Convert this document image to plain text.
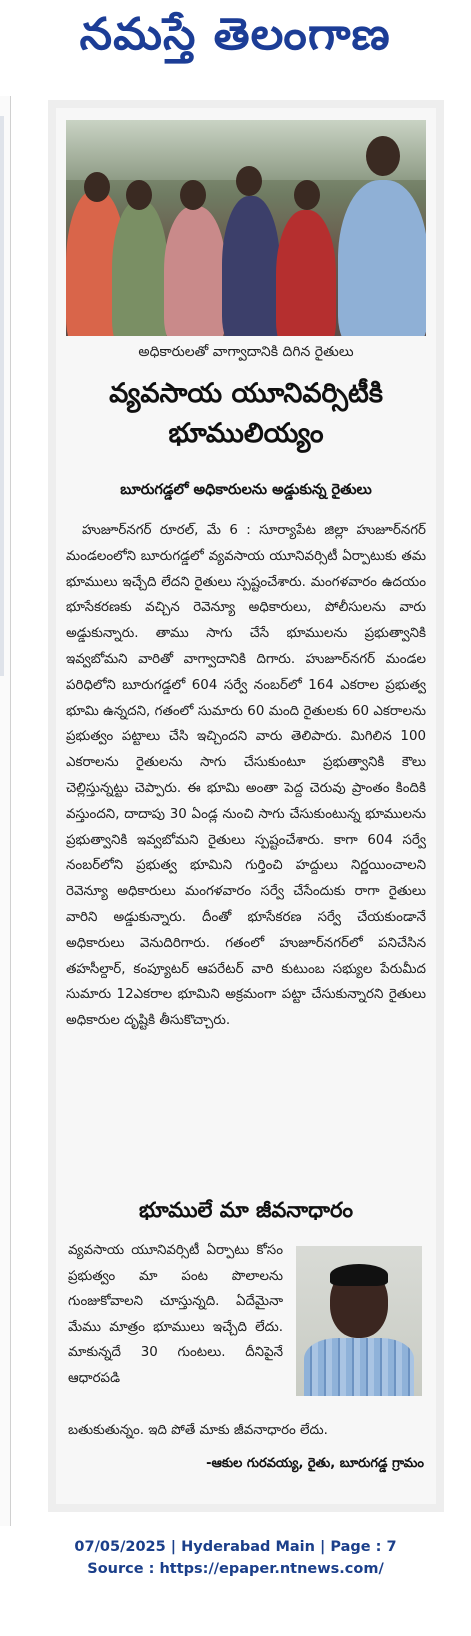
నమస్తే తెలంగాణ
అధికారులతో వాగ్వాదానికి దిగిన రైతులు
వ్యవసాయ యూనివర్సిటీకి
భూములియ్యం
బూరుగడ్డలో అధికారులను అడ్డుకున్న రైతులు

హుజూర్‌నగర్ రూరల్, మే 6 : సూర్యాపేట జిల్లా హుజూర్‌నగర్ మండలంలోని బూరుగడ్డలో వ్యవసాయ యూనివర్సిటీ ఏర్పాటుకు తమ భూములు ఇచ్చేది లేదని రైతులు స్పష్టంచేశారు. మంగళవారం ఉదయం భూసేకరణకు వచ్చిన రెవెన్యూ అధికారులు, పోలీసులను వారు అడ్డుకున్నారు. తాము సాగు చేసే భూములను ప్రభుత్వానికి ఇవ్వబోమని వారితో వాగ్వాదానికి దిగారు. హుజూర్‌నగర్ మండల పరిధిలోని బూరుగడ్డలో 604 సర్వే నంబర్‌లో 164 ఎకరాల ప్రభుత్వ భూమి ఉన్నదని, గతంలో సుమారు 60 మంది రైతులకు 60 ఎకరాలను ప్రభుత్వం పట్టాలు చేసి ఇచ్చిందని వారు తెలిపారు. మిగిలిన 100 ఎకరాలను రైతులను సాగు చేసుకుంటూ ప్రభుత్వానికి కౌలు చెల్లిస్తున్నట్టు చెప్పారు. ఈ భూమి అంతా పెద్ద చెరువు ప్రాంతం కిందికి వస్తుందని, దాదాపు 30 ఏండ్ల నుంచి సాగు చేసుకుంటున్న భూములను ప్రభుత్వానికి ఇవ్వబోమని రైతులు స్పష్టంచేశారు. కాగా 604 సర్వే నంబర్‌లోని ప్రభుత్వ భూమిని గుర్తించి హద్దులు నిర్ణయించాలని రెవెన్యూ అధికారులు మంగళవారం సర్వే చేసేందుకు రాగా రైతులు వారిని అడ్డుకున్నారు. దీంతో భూసేకరణ సర్వే చేయకుండానే అధికారులు వెనుదిరిగారు. గతంలో హుజూర్‌నగర్‌లో పనిచేసిన తహసీల్దార్, కంప్యూటర్ ఆపరేటర్ వారి కుటుంబ సభ్యుల పేరుమీద సుమారు 12ఎకరాల భూమిని అక్రమంగా పట్టా చేసుకున్నారని రైతులు అధికారుల దృష్టికి తీసుకొచ్చారు.

భూములే మా జీవనాధారం
వ్యవసాయ యూనివర్సిటీ ఏర్పాటు కోసం ప్రభుత్వం మా పంట పొలాలను గుంజుకోవాలని చూస్తున్నది. ఏదేమైనా మేము మాత్రం భూములు ఇచ్చేది లేదు. మాకున్నదే 30 గుంటలు. దీనిపైనే ఆధారపడి
బతుకుతున్నం. ఇది పోతే మాకు జీవనాధారం లేదు.
-ఆకుల గురవయ్య, రైతు, బూరుగడ్డ గ్రామం
07/05/2025 | Hyderabad Main | Page : 7
Source : https://epaper.ntnews.com/
